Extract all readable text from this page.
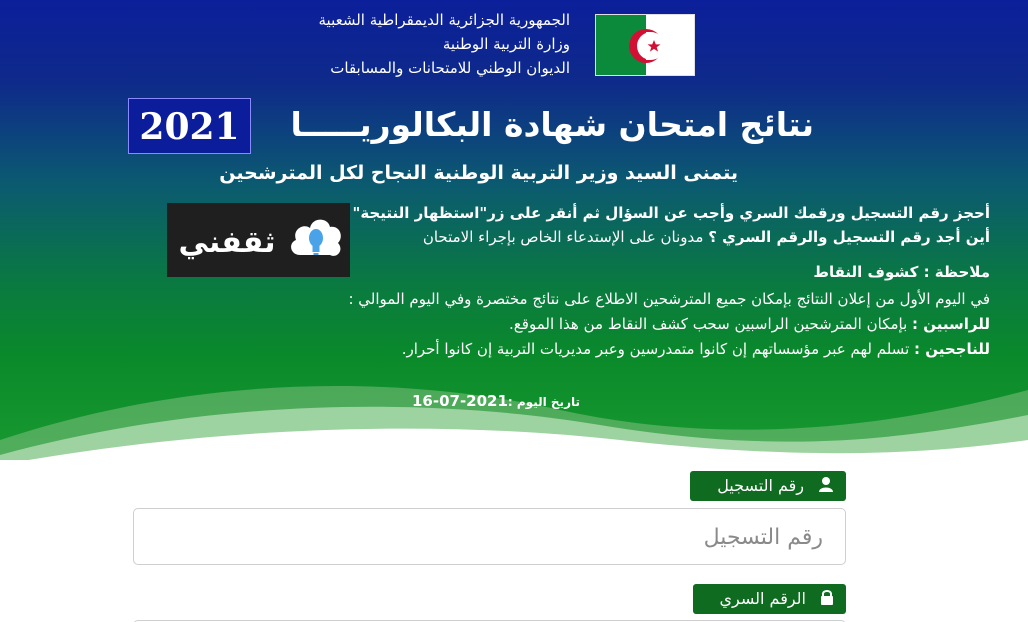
الجمهورية الجزائرية الديمقراطية الشعبية
وزارة التربية الوطنية
الديوان الوطني للامتحانات والمسابقات
نتائج امتحان شهادة البكالوريـــــا
2021
يتمنى السيد وزير التربية الوطنية النجاح لكل المترشحين
ثقفني
أحجز رقم التسجيل ورقمك السري وأجب عن السؤال ثم أنقر على زر"استظهار النتيجة"
أين أجد رقم التسجيل والرقم السري ؟ مدونان على الإستدعاء الخاص بإجراء الامتحان
ملاحظة : كشوف النقاط
في اليوم الأول من إعلان النتائج بإمكان جميع المترشحين الاطلاع على نتائج مختصرة وفي اليوم الموالي :
للراسبين : بإمكان المترشحين الراسبين سحب كشف النقاط من هذا الموقع.
للناجحين : تسلم لهم عبر مؤسساتهم إن كانوا متمدرسين وعبر مديريات التربية إن كانوا أحرار.
تاريخ اليوم :2021-07-16
رقم التسجيل
رقم التسجيل
الرقم السري
